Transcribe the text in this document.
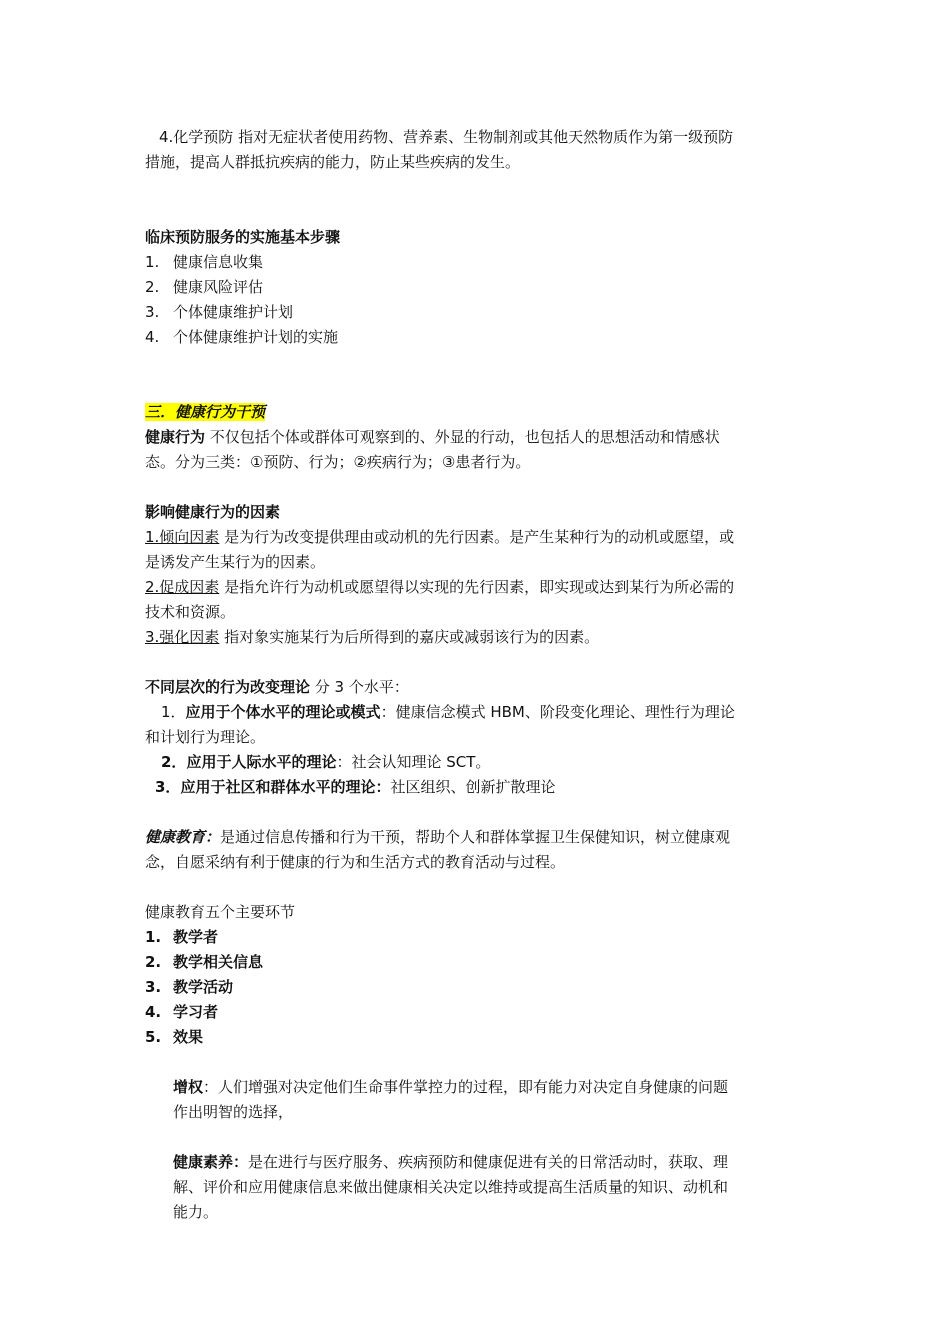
4.化学预防 指对无症状者使用药物、营养素、生物制剂或其他天然物质作为第一级预防
措施，提高人群抵抗疾病的能力，防止某些疾病的发生。
临床预防服务的实施基本步骤
1. 健康信息收集
2. 健康风险评估
3. 个体健康维护计划
4. 个体健康维护计划的实施
三．健康行为干预
健康行为 不仅包括个体或群体可观察到的、外显的行动，也包括人的思想活动和情感状
态。分为三类：①预防、行为；②疾病行为；③患者行为。
影响健康行为的因素
1.倾向因素 是为行为改变提供理由或动机的先行因素。是产生某种行为的动机或愿望，或
是诱发产生某行为的因素。
2.促成因素 是指允许行为动机或愿望得以实现的先行因素，即实现或达到某行为所必需的
技术和资源。
3.强化因素 指对象实施某行为后所得到的嘉庆或减弱该行为的因素。
不同层次的行为改变理论 分 3 个水平：
1．应用于个体水平的理论或模式：健康信念模式 HBM、阶段变化理论、理性行为理论
和计划行为理论。
2．应用于人际水平的理论：社会认知理论 SCT。
3．应用于社区和群体水平的理论：社区组织、创新扩散理论
健康教育：是通过信息传播和行为干预，帮助个人和群体掌握卫生保健知识，树立健康观
念，自愿采纳有利于健康的行为和生活方式的教育活动与过程。
健康教育五个主要环节
1. 教学者
2. 教学相关信息
3. 教学活动
4. 学习者
5. 效果
增权：人们增强对决定他们生命事件掌控力的过程，即有能力对决定自身健康的问题
作出明智的选择，
健康素养：是在进行与医疗服务、疾病预防和健康促进有关的日常活动时，获取、理
解、评价和应用健康信息来做出健康相关决定以维持或提高生活质量的知识、动机和
能力。
